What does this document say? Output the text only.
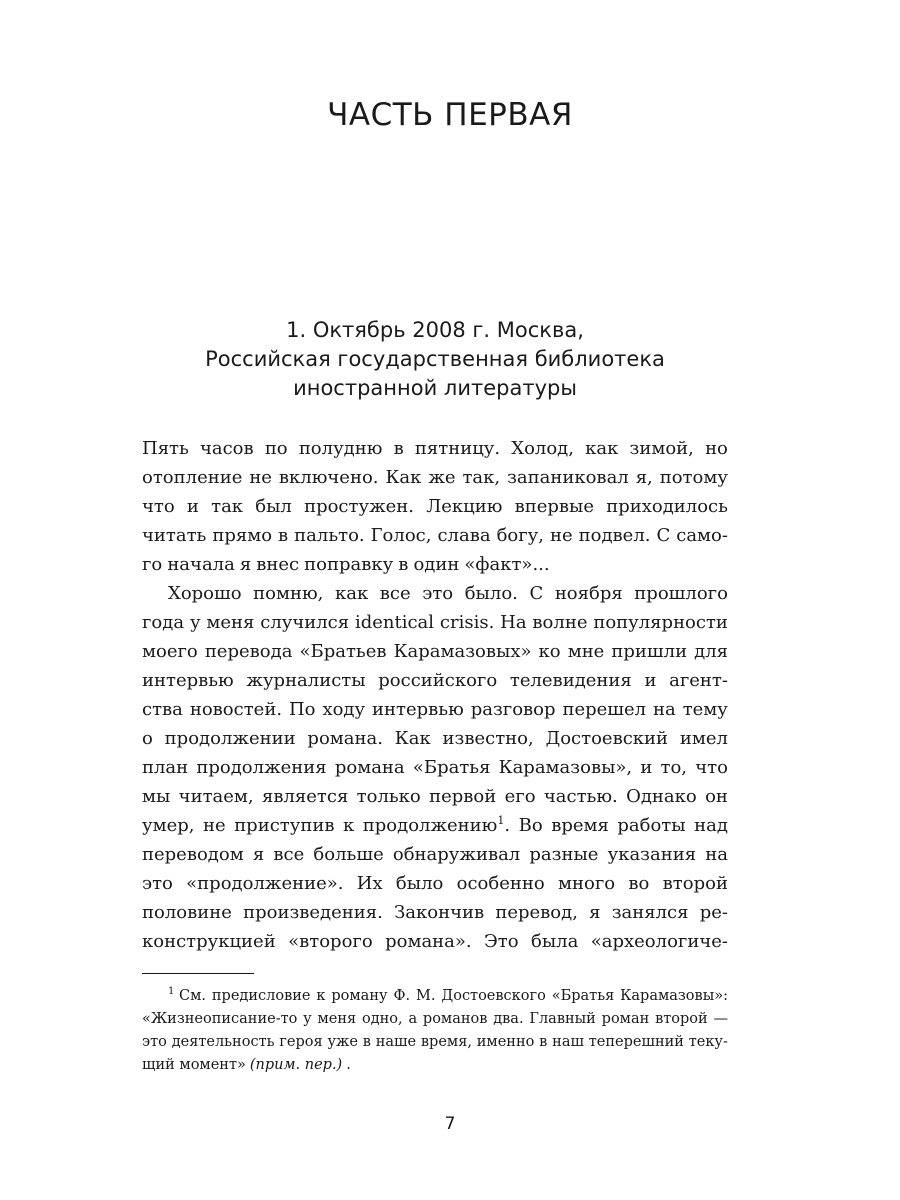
ЧАСТЬ ПЕРВАЯ
1. Октябрь 2008 г. Москва,
Российская государственная библиотека
иностранной литературы
Пять часов по полудню в пятницу. Холод, как зимой, но
отопление не включено. Как же так, запаниковал я, потому
что и так был простужен. Лекцию впервые приходилось
читать прямо в пальто. Голос, слава богу, не подвел. С само-
го начала я внес поправку в один «факт»...
Хорошо помню, как все это было. С ноября прошлого
года у меня случился identical crisis. На волне популярности
моего перевода «Братьев Карамазовых» ко мне пришли для
интервью журналисты российского телевидения и агент-
ства новостей. По ходу интервью разговор перешел на тему
о продолжении романа. Как известно, Достоевский имел
план продолжения романа «Братья Карамазовы», и то, что
мы читаем, является только первой его частью. Однако он
умер, не приступив к продолжению$^1$. Во время работы над
переводом я все больше обнаруживал разные указания на
это «продолжение». Их было особенно много во второй
половине произведения. Закончив перевод, я занялся ре-
конструкцией «второго романа». Это была «археологиче-
$^1$ См. предисловие к роману Ф. М. Достоевского «Братья Карамазовы»:
«Жизнеописание-то у меня одно, а романов два. Главный роман второй —
это деятельность героя уже в наше время, именно в наш теперешний теку-
щий момент» (прим. пер.) .
7
